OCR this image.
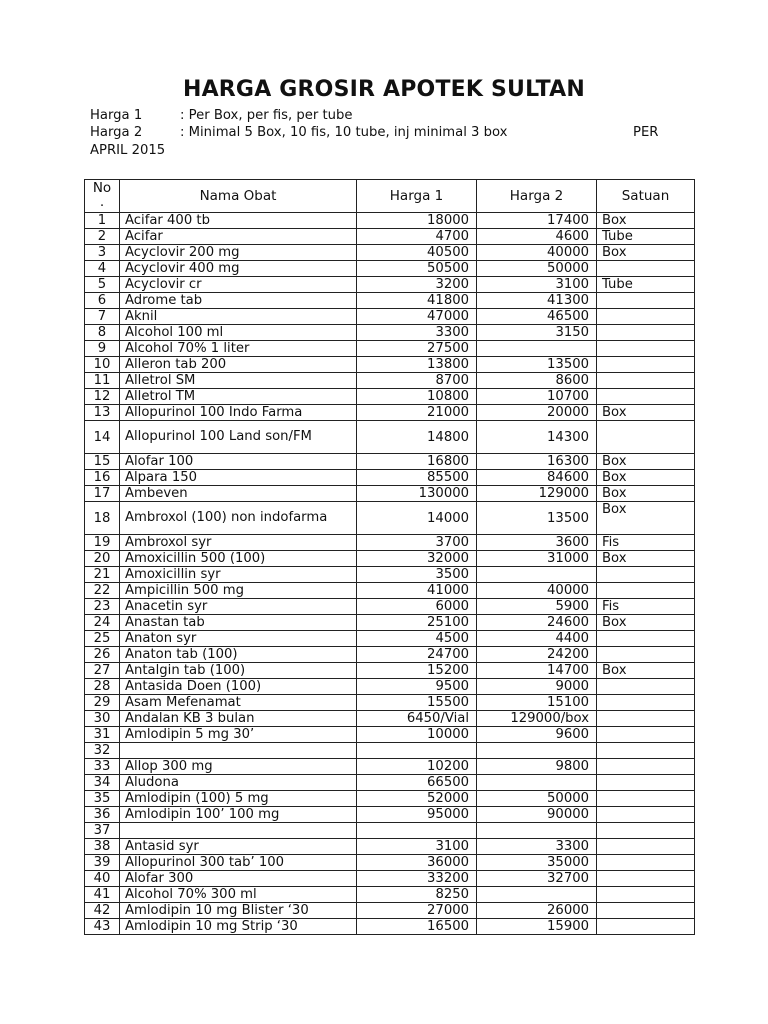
HARGA GROSIR APOTEK SULTAN
Harga 1	: Per Box, per fis, per tube
Harga 2	: Minimal 5 Box, 10 fis, 10 tube, inj minimal 3 box	PER
APRIL 2015
No .	Nama Obat	Harga 1	Harga 2	Satuan
1	Acifar 400 tb	18000	17400	Box
2	Acifar	4700	4600	Tube
3	Acyclovir 200 mg	40500	40000	Box
4	Acyclovir 400 mg	50500	50000	
5	Acyclovir cr	3200	3100	Tube
6	Adrome tab	41800	41300	
7	Aknil	47000	46500	
8	Alcohol 100 ml	3300	3150	
9	Alcohol 70% 1 liter	27500		
10	Alleron tab 200	13800	13500	
11	Alletrol SM	8700	8600	
12	Alletrol TM	10800	10700	
13	Allopurinol 100 Indo Farma	21000	20000	Box
14	Allopurinol 100 Land son/FM	14800	14300	
15	Alofar 100	16800	16300	Box
16	Alpara 150	85500	84600	Box
17	Ambeven	130000	129000	Box
18	Ambroxol (100) non indofarma	14000	13500	Box
19	Ambroxol syr	3700	3600	Fis
20	Amoxicillin 500 (100)	32000	31000	Box
21	Amoxicillin syr	3500		
22	Ampicillin 500 mg	41000	40000	
23	Anacetin syr	6000	5900	Fis
24	Anastan tab	25100	24600	Box
25	Anaton syr	4500	4400	
26	Anaton tab (100)	24700	24200	
27	Antalgin tab (100)	15200	14700	Box
28	Antasida Doen (100)	9500	9000	
29	Asam Mefenamat	15500	15100	
30	Andalan KB 3 bulan	6450/Vial	129000/box	
31	Amlodipin 5 mg 30’	10000	9600	
32				
33	Allop 300 mg	10200	9800	
34	Aludona	66500		
35	Amlodipin (100) 5 mg	52000	50000	
36	Amlodipin 100’ 100 mg	95000	90000	
37				
38	Antasid syr	3100	3300	
39	Allopurinol 300 tab’ 100	36000	35000	
40	Alofar 300	33200	32700	
41	Alcohol 70% 300 ml	8250		
42	Amlodipin 10 mg Blister ‘30	27000	26000	
43	Amlodipin 10 mg Strip ‘30	16500	15900	
